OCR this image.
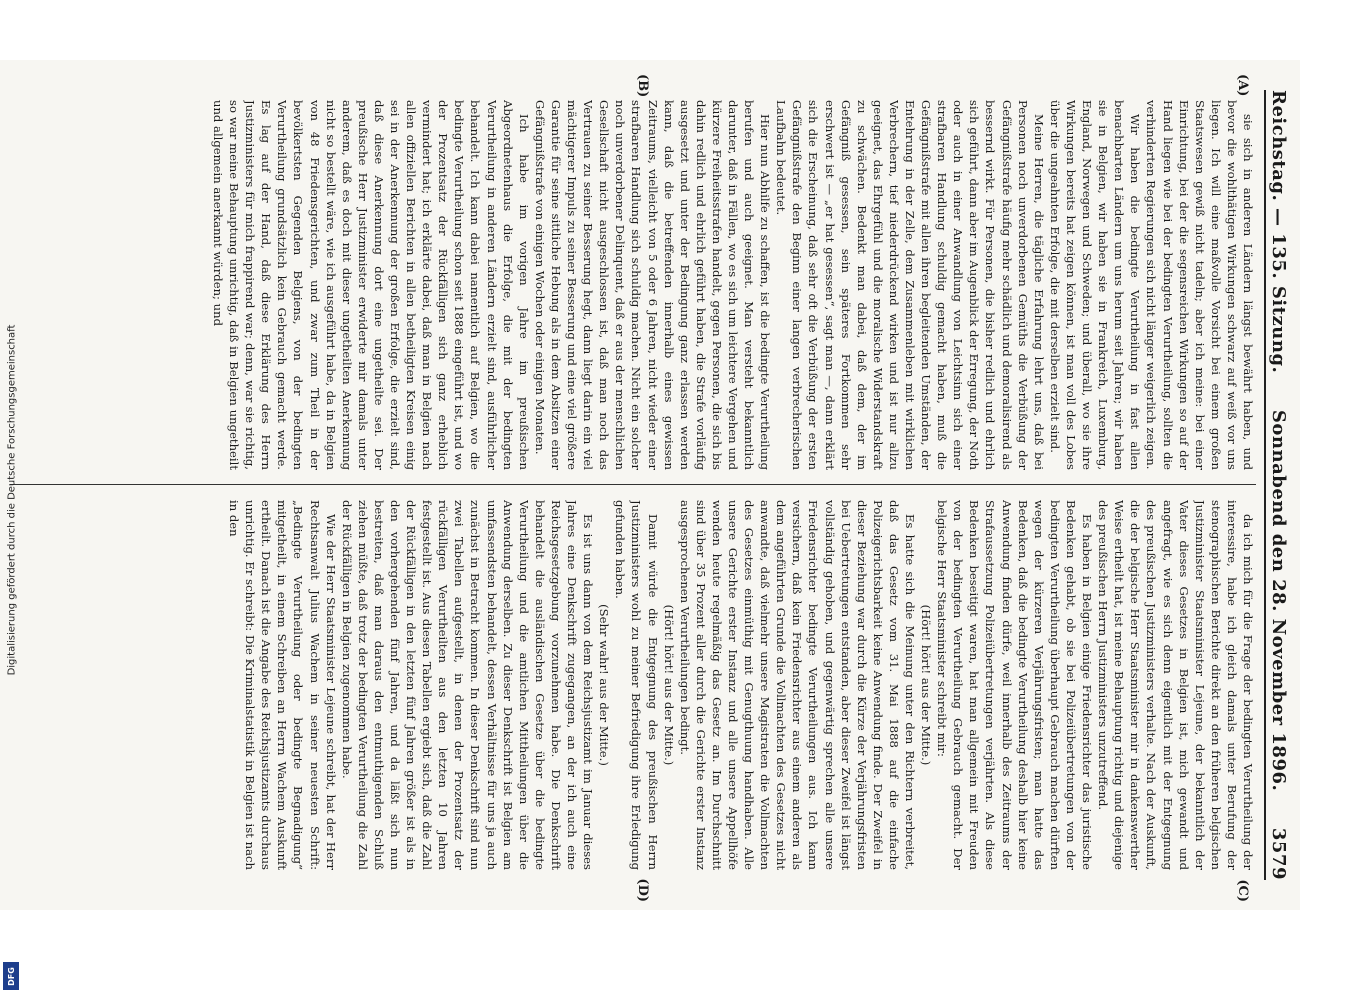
Reichstag. — 135. Sitzung.
Sonnabend den 28. November 1896.
3579
(A)
(B)
(C)
(D)

sie sich in anderen Ländern längst bewährt haben, und bevor die wohlthätigen Wirkungen schwarz auf weiß vor uns liegen. Ich will eine maßvolle Vorsicht bei einem großen Staatswesen gewiß nicht tadeln; aber ich meine: bei einer Einrichtung, bei der die segensreichen Wirkungen so auf der Hand liegen wie bei der bedingten Verurtheilung, sollten die verhinderten Regierungen sich nicht länger weigerlich zeigen.

Wir haben die bedingte Verurtheilung in fast allen benachbarten Ländern um uns herum seit Jahren; wir haben sie in Belgien, wir haben sie in Frankreich, Luxemburg, England, Norwegen und Schweden; und überall, wo sie ihre Wirkungen bereits hat zeigen können, ist man voll des Lobes über die ungeahnten Erfolge, die mit derselben erzielt sind.

Meine Herren, die tägliche Erfahrung lehrt uns, daß bei Personen noch unverdorbenen Gemüths die Verbüßung der Gefängnißstrafe häufig mehr schädlich und demoralisirend als bessernd wirkt. Für Personen, die bisher redlich und ehrlich sich geführt, dann aber im Augenblick der Erregung, der Noth oder auch in einer Anwandlung von Leichtsinn sich einer strafbaren Handlung schuldig gemacht haben, muß die Gefängnißstrafe mit allen ihren begleitenden Umständen, der Entehrung in der Zelle, dem Zusammenleben mit wirklichen Verbrechern, tief niederdrückend wirken und ist nur allzu geeignet, das Ehrgefühl und die moralische Widerstandskraft zu schwächen. Bedenkt man dabei, daß dem, der im Gefängniß gesessen, sein späteres Fortkommen sehr erschwert ist — „er hat gesessen“, sagt man —, dann erklärt sich die Erscheinung, daß sehr oft die Verbüßung der ersten Gefängnißstrafe den Beginn einer langen verbrecherischen Laufbahn bedeutet.

Hier nun Abhilfe zu schaffen, ist die bedingte Verurtheilung berufen und auch geeignet. Man versteht bekanntlich darunter, daß in Fällen, wo es sich um leichtere Vergehen und kürzere Freiheitsstrafen handelt, gegen Personen, die sich bis dahin redlich und ehrlich geführt haben, die Strafe vorläufig ausgesetzt und unter der Bedingung ganz erlassen werden kann, daß die betreffenden innerhalb eines gewissen Zeitraums, vielleicht von 5 oder 6 Jahren, nicht wieder einer strafbaren Handlung sich schuldig machen. Nicht ein solcher noch unverdorbener Delinquent, daß er aus der menschlichen Gesellschaft nicht ausgeschlossen ist, daß man noch das Vertrauen zu seiner Besserung hegt, dann liegt darin ein viel mächtigerer Impuls zu seiner Besserung und eine viel größere Garantie für seine sittliche Hebung als in dem Absitzen einer Gefängnißstrafe von einigen Wochen oder einigen Monaten.

Ich habe im vorigen Jahre im preußischen Abgeordnetenhaus die Erfolge, die mit der bedingten Verurtheilung in anderen Ländern erzielt sind, ausführlicher behandelt. Ich kann dabei namentlich auf Belgien, wo die bedingte Verurtheilung schon seit 1888 eingeführt ist, und wo der Prozentsatz der Rückfälligen sich ganz erheblich vermindert hat; ich erklärte dabei, daß man in Belgien nach allen offiziellen Berichten in allen betheiligten Kreisen einig sei in der Anerkennung der großen Erfolge, die erzielt sind, daß diese Anerkennung dort eine ungetheilte sei. Der preußische Herr Justizminister erwiderte mir damals unter anderem, daß es doch mit dieser ungetheilten Anerkennung nicht so bestellt wäre, wie ich ausgeführt habe, da in Belgien von 48 Friedensgerichten, und zwar zum Theil in der bevölkertsten Gegenden Belgiens, von der bedingten Verurtheilung grundsätzlich kein Gebrauch gemacht werde. Es lag auf der Hand, daß diese Erklärung des Herrn Justizministers für mich frappirend war; denn, war sie richtig, so war meine Behauptung unrichtig, daß in Belgien ungetheilt und allgemein anerkannt würden; und

da ich mich für die Frage der bedingten Verurtheilung der interessire, habe ich gleich damals unter Berufung der stenographischen Berichte direkt an den früheren belgischen Justizminister Staatsminister Lejeune, der bekanntlich der Vater dieses Gesetzes in Belgien ist, mich gewandt und angefragt, wie es sich denn eigentlich mit der Entgegnung des preußischen Justizministers verhalte. Nach der Auskunft, die der belgische Herr Staatsminister mir in dankenswerther Weise ertheilt hat, ist meine Behauptung richtig und diejenige des preußischen Herrn Justizministers unzutreffend.

Es haben in Belgien einige Friedensrichter das juristische Bedenken gehabt, ob sie bei Polizeiübertretungen von der bedingten Verurtheilung überhaupt Gebrauch machen dürften wegen der kürzeren Verjährungsfristen; man hatte das Bedenken, daß die bedingte Verurtheilung deshalb hier keine Anwendung finden dürfe, weil innerhalb des Zeitraums der Strafaussetzung Polizeiübertretungen verjährten. Als diese Bedenken beseitigt waren, hat man allgemein mit Freuden von der bedingten Verurtheilung Gebrauch gemacht. Der belgische Herr Staatsminister schreibt mir:

(Hört! hört! aus der Mitte.)

Es hatte sich die Meinung unter den Richtern verbreitet, daß das Gesetz vom 31. Mai 1888 auf die einfache Polizeigerichtsbarkeit keine Anwendung finde. Der Zweifel in dieser Beziehung war durch die Kürze der Verjährungsfristen bei Uebertretungen entstanden, aber dieser Zweifel ist längst vollständig gehoben, und gegenwärtig sprechen alle unsere Friedensrichter bedingte Verurtheilungen aus. Ich kann versichern, daß kein Friedensrichter aus einem anderen als dem angeführten Grunde die Vollmachten des Gesetzes nicht anwandte, daß vielmehr unsere Magistraten die Vollmachten des Gesetzes einmüthig mit Genugthuung handhaben. Alle unsere Gerichte erster Instanz und alle unsere Appellhöfe wenden heute regelmäßig das Gesetz an. Im Durchschnitt sind über 35 Prozent aller durch die Gerichte erster Instanz ausgesprochenen Verurtheilungen bedingt.

(Hört! hört! aus der Mitte.)

Damit würde die Entgegnung des preußischen Herrn Justizministers wohl zu meiner Befriedigung ihre Erledigung gefunden haben.

(Sehr wahr! aus der Mitte.)

Es ist uns dann von dem Reichsjustizamt im Januar dieses Jahres eine Denkschrift zugegangen, an der ich auch eine Reichsgesetzgebung vorzunehmen habe. Die Denkschrift behandelt die ausländischen Gesetze über die bedingte Verurtheilung und die amtlichen Mittheilungen über die Anwendung derselben. Zu dieser Denkschrift ist Belgien am umfassendsten behandelt, dessen Verhältnisse für uns ja auch zunächst in Betracht kommen. In dieser Denkschrift sind nun zwei Tabellen aufgestellt, in denen der Prozentsatz der rückfälligen Verurtheilten aus den letzten 10 Jahren festgestellt ist. Aus diesen Tabellen ergiebt sich, daß die Zahl der Rückfälligen in den letzten fünf Jahren größer ist als in den vorhergehenden fünf Jahren, und da läßt sich nun bestreiten, daß man daraus den entmuthigenden Schluß ziehen müßte, daß trotz der bedingten Verurtheilung die Zahl der Rückfälligen in Belgien zugenommen habe.

Wie der Herr Staatsminister Lejeune schreibt, hat der Herr Rechtsanwalt Julius Wachem in seiner neuesten Schrift: „Bedingte Verurtheilung oder bedingte Begnadigung“ mitgetheilt, in einem Schreiben an Herrn Wachem Auskunft ertheilt. Danach ist die Angabe des Reichsjustizamts durchaus unrichtig. Er schreibt: Die Kriminalstatistik in Belgien ist nach in den

Digitalisierung gefördert durch die Deutsche Forschungsgemeinschaft
DFG
